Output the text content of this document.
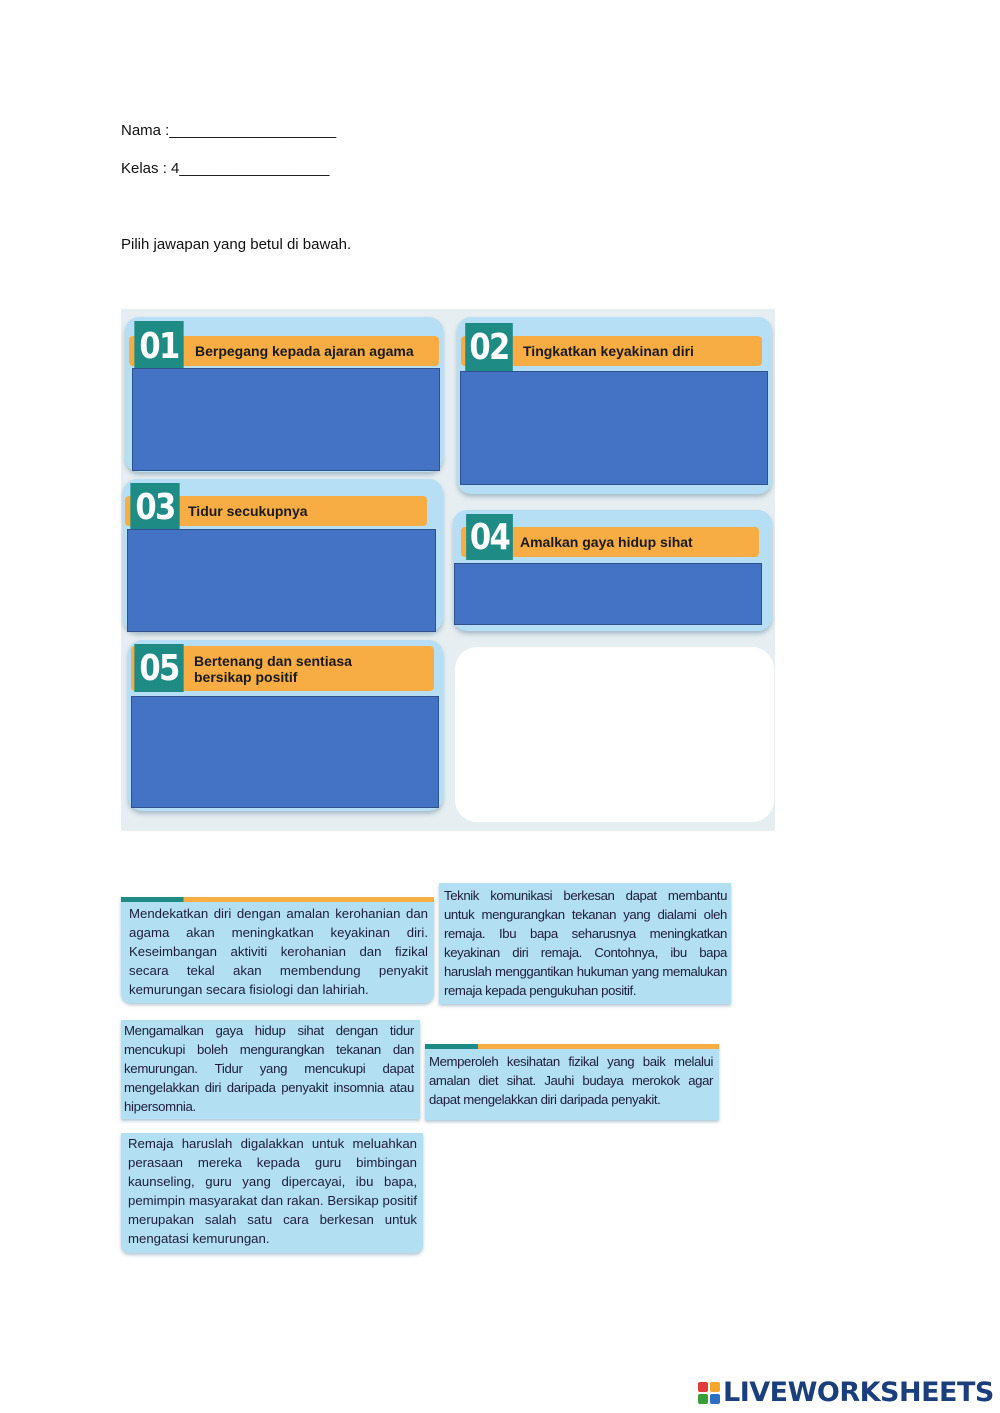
Nama :____________________
Kelas : 4__________________
Pilih jawapan yang betul di bawah.
Berpegang kepada ajaran agama
01	Tingkatkan keyakinan diri
02
Tidur secukupnya
03
Amalkan gaya hidup sihat
04
Bertenang dan sentiasa bersikap positif
05
Mendekatkan diri dengan amalan kerohanian dan agama akan meningkatkan keyakinan diri. Keseimbangan aktiviti kerohanian dan fizikal secara tekal akan membendung penyakit kemurungan secara fisiologi dan lahiriah.
Teknik komunikasi berkesan dapat membantu untuk mengurangkan tekanan yang dialami oleh remaja. Ibu bapa seharusnya meningkatkan keyakinan diri remaja. Contohnya, ibu bapa haruslah menggantikan hukuman yang memalukan remaja kepada pengukuhan positif.
Mengamalkan gaya hidup sihat dengan tidur mencukupi boleh mengurangkan tekanan dan kemurungan. Tidur yang mencukupi dapat mengelakkan diri daripada penyakit insomnia atau hipersomnia.
Memperoleh kesihatan fizikal yang baik melalui amalan diet sihat. Jauhi budaya merokok agar dapat mengelakkan diri daripada penyakit.
Remaja haruslah digalakkan untuk meluahkan perasaan mereka kepada guru bimbingan kaunseling, guru yang dipercayai, ibu bapa, pemimpin masyarakat dan rakan. Bersikap positif merupakan salah satu cara berkesan untuk mengatasi kemurungan.
LIVEWORKSHEETS
